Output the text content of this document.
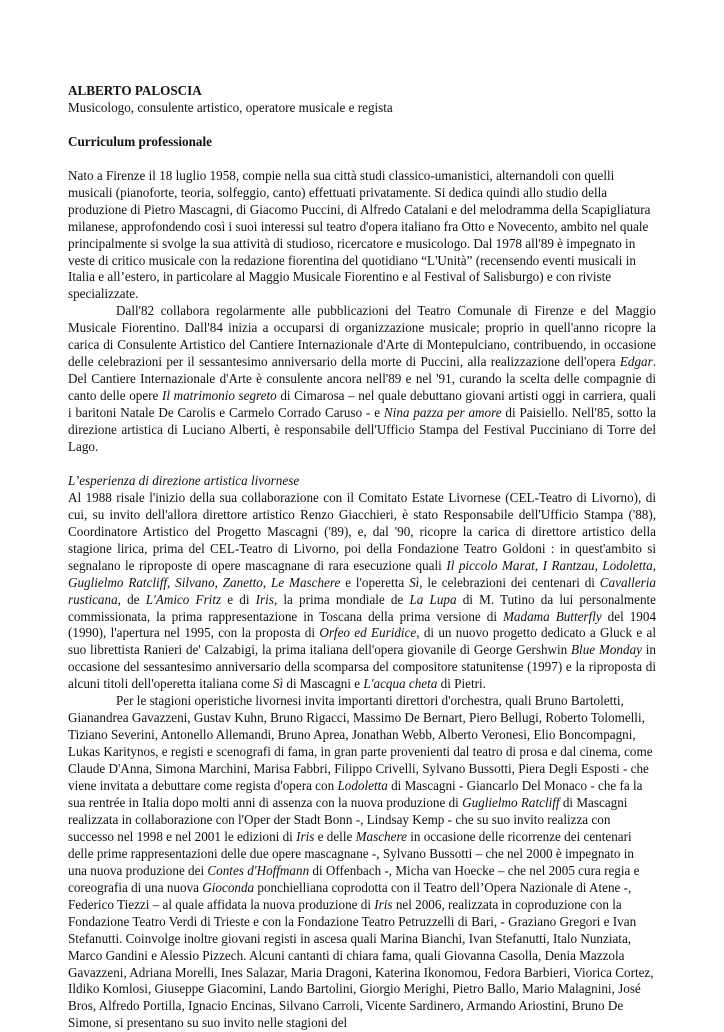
ALBERTO PALOSCIA

Musicologo, consulente artistico, operatore musicale e regista

Curriculum professionale

Nato a Firenze il 18 luglio 1958, compie nella sua città studi classico-umanistici, alternandoli con quelli musicali (pianoforte, teoria, solfeggio, canto) effettuati privatamente. Si dedica quindi allo studio della produzione di Pietro Mascagni, di Giacomo Puccini, di Alfredo Catalani e del melodramma della Scapigliatura milanese, approfondendo così i suoi interessi sul teatro d'opera italiano fra Otto e Novecento, ambito nel quale principalmente si svolge la sua attività di studioso, ricercatore e musicologo. Dal 1978 all'89 è impegnato in veste di critico musicale con la redazione fiorentina del quotidiano “L'Unità” (recensendo eventi musicali in Italia e all’estero, in particolare al Maggio Musicale Fiorentino e al Festival of Salisburgo) e con riviste specializzate.

Dall'82 collabora regolarmente alle pubblicazioni del Teatro Comunale di Firenze e del Maggio Musicale Fiorentino. Dall'84 inizia a occuparsi di organizzazione musicale; proprio in quell'anno ricopre la carica di Consulente Artistico del Cantiere Internazionale d'Arte di Montepulciano, contribuendo, in occasione delle celebrazioni per il sessantesimo anniversario della morte di Puccini, alla realizzazione dell'opera Edgar. Del Cantiere Internazionale d'Arte è consulente ancora nell'89 e nel '91, curando la scelta delle compagnie di canto delle opere Il matrimonio segreto di Cimarosa – nel quale debuttano giovani artisti oggi in carriera, quali i baritoni Natale De Carolis e Carmelo Corrado Caruso - e Nina pazza per amore di Paisiello. Nell'85, sotto la direzione artistica di Luciano Alberti, è responsabile dell'Ufficio Stampa del Festival Pucciniano di Torre del Lago.

L’esperienza di direzione artistica livornese

Al 1988 risale l'inizio della sua collaborazione con il Comitato Estate Livornese (CEL-Teatro di Livorno), di cui, su invito dell'allora direttore artistico Renzo Giacchieri, è stato Responsabile dell'Ufficio Stampa ('88), Coordinatore Artistico del Progetto Mascagni ('89), e, dal '90, ricopre la carica di direttore artistico della stagione lirica, prima del CEL-Teatro di Livorno, poi della Fondazione Teatro Goldoni : in quest'ambito si segnalano le riproposte di opere mascagnane di rara esecuzione quali Il piccolo Marat, I Rantzau, Lodoletta, Guglielmo Ratcliff, Silvano, Zanetto, Le Maschere e l'operetta Sì, le celebrazioni dei centenari di Cavalleria rusticana, de L'Amico Fritz e di Iris, la prima mondiale de La Lupa di M. Tutino da lui personalmente commissionata, la prima rappresentazione in Toscana della prima versione di Madama Butterfly del 1904 (1990), l'apertura nel 1995, con la proposta di Orfeo ed Euridice, di un nuovo progetto dedicato a Gluck e al suo librettista Ranieri de' Calzabigi, la prima italiana dell'opera giovanile di George Gershwin Blue Monday in occasione del sessantesimo anniversario della scomparsa del compositore statunitense (1997) e la riproposta di alcuni titoli dell'operetta italiana come Sì di Mascagni e L'acqua cheta di Pietri.

Per le stagioni operistiche livornesi invita importanti direttori d'orchestra, quali Bruno Bartoletti, Gianandrea Gavazzeni, Gustav Kuhn, Bruno Rigacci, Massimo De Bernart, Piero Bellugi, Roberto Tolomelli, Tiziano Severini, Antonello Allemandi, Bruno Aprea, Jonathan Webb, Alberto Veronesi, Elio Boncompagni, Lukas Karitynos, e registi e scenografi di fama, in gran parte provenienti dal teatro di prosa e dal cinema, come Claude D'Anna, Simona Marchini, Marisa Fabbri, Filippo Crivelli, Sylvano Bussotti, Piera Degli Esposti - che viene invitata a debuttare come regista d'opera con Lodoletta di Mascagni - Giancarlo Del Monaco - che fa la sua rentrée in Italia dopo molti anni di assenza con la nuova produzione di Guglielmo Ratcliff di Mascagni realizzata in collaborazione con l'Oper der Stadt Bonn -, Lindsay Kemp - che su suo invito realizza con successo nel 1998 e nel 2001 le edizioni di Iris e delle Maschere in occasione delle ricorrenze dei centenari delle prime rappresentazioni delle due opere mascagnane -, Sylvano Bussotti – che nel 2000 è impegnato in una nuova produzione dei Contes d'Hoffmann di Offenbach -, Micha van Hoecke – che nel 2005 cura regia e coreografia di una nuova Gioconda ponchielliana coprodotta con il Teatro dell’Opera Nazionale di Atene -, Federico Tiezzi – al quale affidata la nuova produzione di Iris nel 2006, realizzata in coproduzione con la Fondazione Teatro Verdi di Trieste e con la Fondazione Teatro Petruzzelli di Bari, - Graziano Gregori e Ivan Stefanutti. Coinvolge inoltre giovani registi in ascesa quali Marina Bianchi, Ivan Stefanutti, Italo Nunziata, Marco Gandini e Alessio Pizzech. Alcuni cantanti di chiara fama, quali Giovanna Casolla, Denia Mazzola Gavazzeni, Adriana Morelli, Ines Salazar, Maria Dragoni, Katerina Ikonomou, Fedora Barbieri, Viorica Cortez, Ildiko Komlosi, Giuseppe Giacomini, Lando Bartolini, Giorgio Merighi, Pietro Ballo, Mario Malagnini, José Bros, Alfredo Portilla, Ignacio Encinas, Silvano Carroli, Vicente Sardinero, Armando Ariostini, Bruno De Simone, si presentano su suo invito nelle stagioni del
